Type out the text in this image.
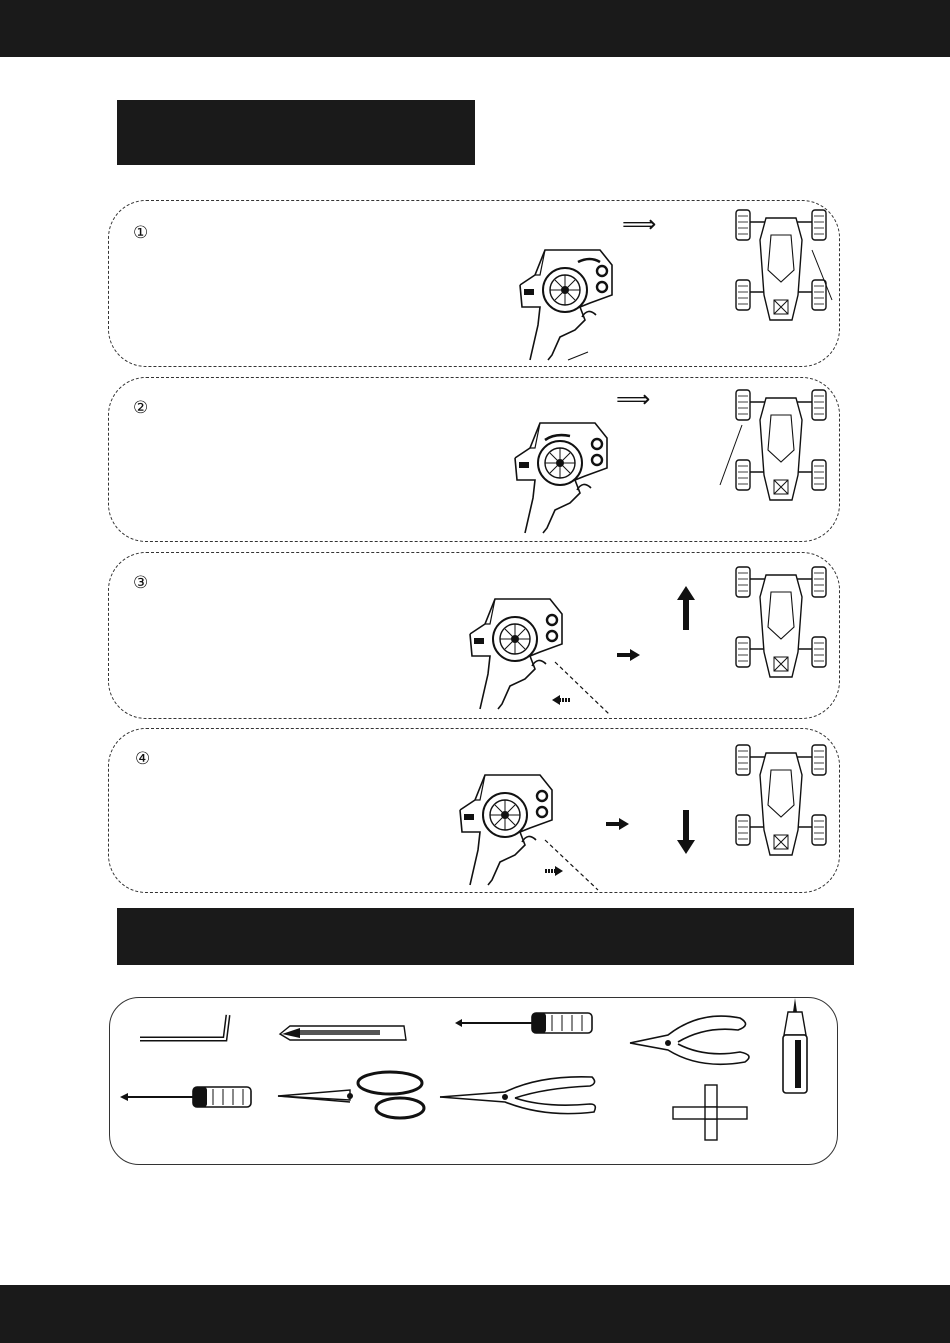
①	⟹
②	⟹
③
④
